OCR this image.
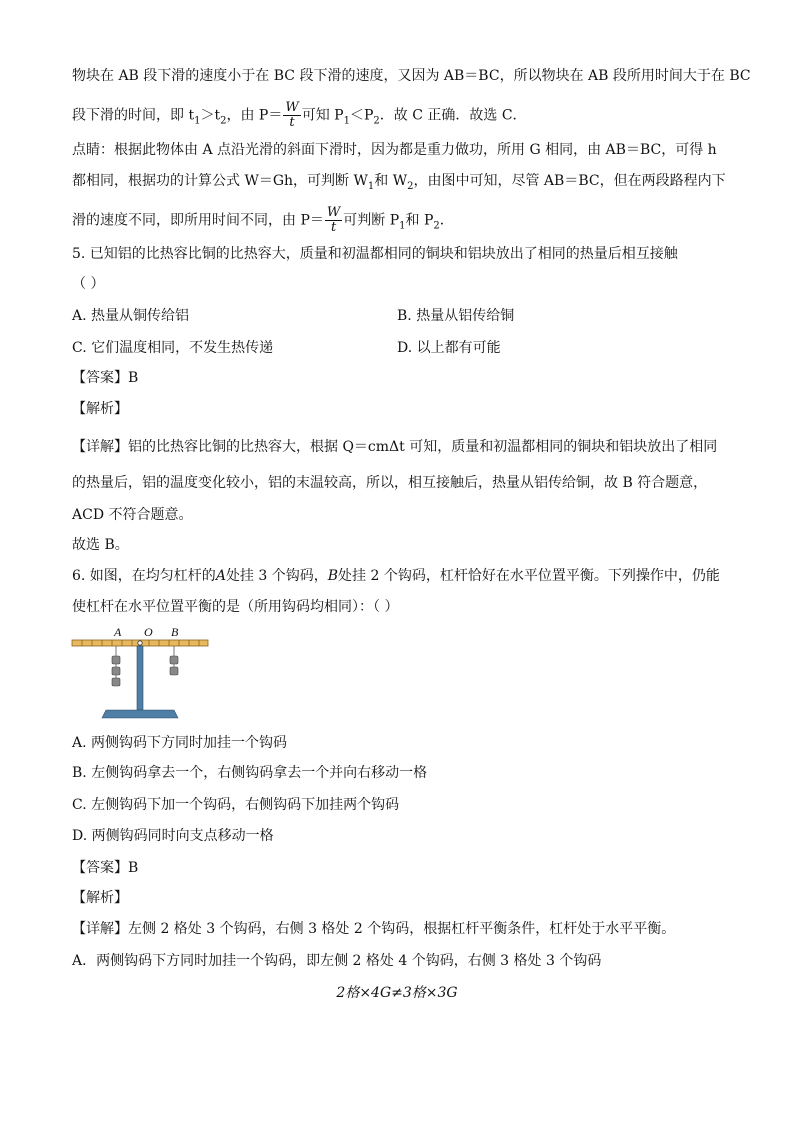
物块在 AB 段下滑的速度小于在 BC 段下滑的速度，又因为 AB＝BC，所以物块在 AB 段所用时间大于在 BC
段下滑的时间，即 $t_1>t_2$，由 $P= \frac{W}{t}$ 可知 $P_1<P_2$．故 C 正确．故选 C．
点睛：根据此物体由 A 点沿光滑的斜面下滑时，因为都是重力做功，所用 G 相同，由 AB＝BC，可得 h
都相同，根据功的计算公式 W＝Gh，可判断 $W_1$和 $W_2$，由图中可知，尽管 AB＝BC，但在两段路程内下
滑的速度不同，即所用时间不同，由 $P= \frac{W}{t}$ 可判断 $P_1$和 $P_2$．
5. 已知铝的比热容比铜的比热容大，质量和初温都相同的铜块和铝块放出了相同的热量后相互接触
（ ）
A. 热量从铜传给铝	B. 热量从铝传给铜
C. 它们温度相同，不发生热传递	D. 以上都有可能
【答案】B
【解析】
【详解】铝的比热容比铜的比热容大，根据 Q＝cmΔt 可知，质量和初温都相同的铜块和铝块放出了相同
的热量后，铝的温度变化较小，铝的末温较高，所以，相互接触后，热量从铝传给铜，故 B 符合题意，
ACD 不符合题意。
故选 B。
6. 如图，在均匀杠杆的A处挂 3 个钩码，B处挂 2 个钩码，杠杆恰好在水平位置平衡。下列操作中，仍能
使杠杆在水平位置平衡的是（所用钩码均相同）：（ ）
A O B
A. 两侧钩码下方同时加挂一个钩码
B. 左侧钩码拿去一个，右侧钩码拿去一个并向右移动一格
C. 左侧钩码下加一个钩码，右侧钩码下加挂两个钩码
D. 两侧钩码同时向支点移动一格
【答案】B
【解析】
【详解】左侧 2 格处 3 个钩码，右侧 3 格处 2 个钩码，根据杠杆平衡条件，杠杆处于水平平衡。
A．两侧钩码下方同时加挂一个钩码，即左侧 2 格处 4 个钩码，右侧 3 格处 3 个钩码
2格×4G≠3格×3G
